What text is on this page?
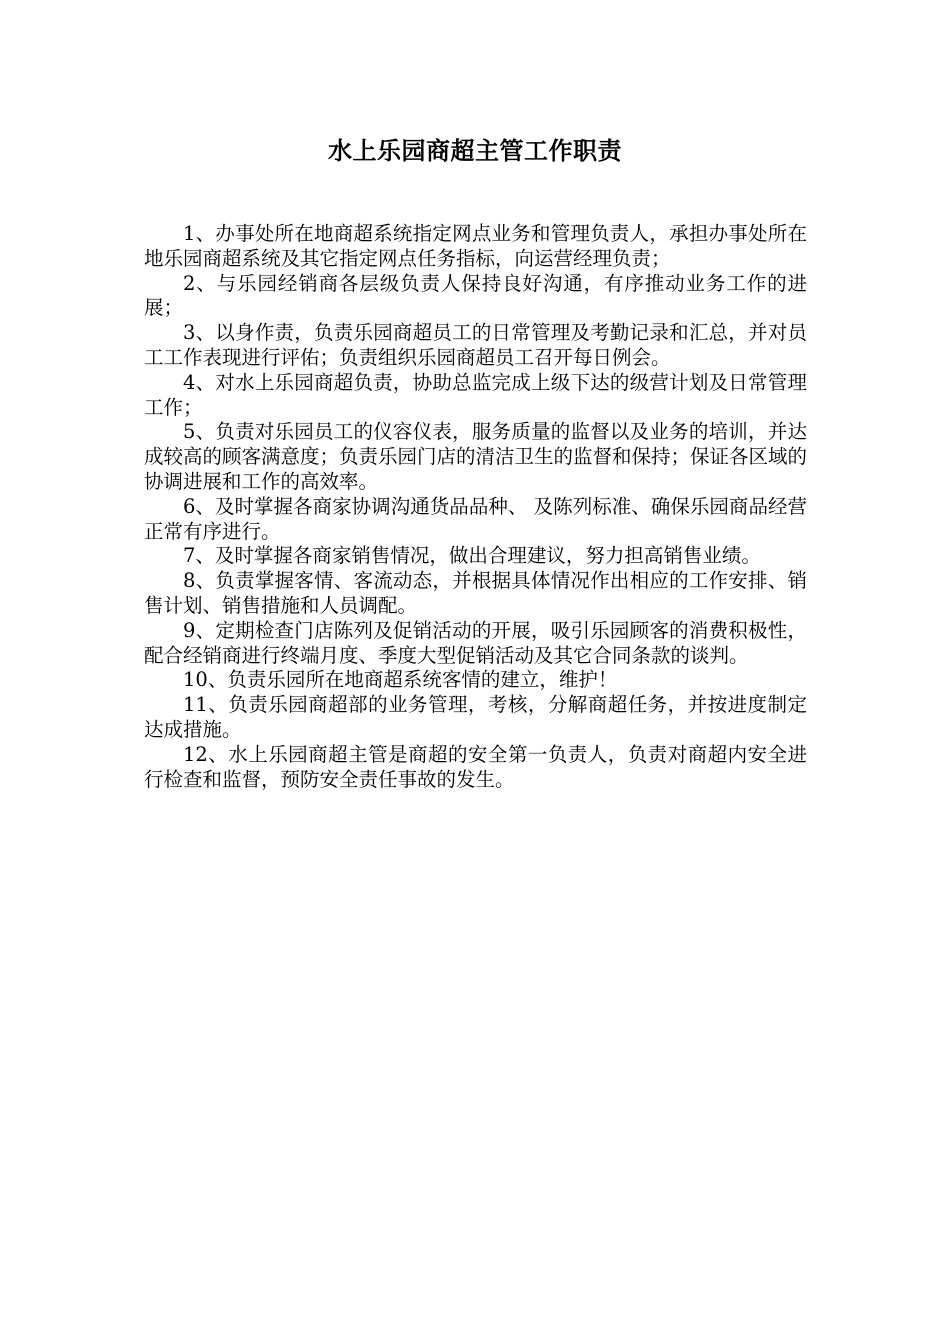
水上乐园商超主管工作职责

1、办事处所在地商超系统指定网点业务和管理负责人，承担办事处所在地乐园商超系统及其它指定网点任务指标，向运营经理负责；

2、与乐园经销商各层级负责人保持良好沟通，有序推动业务工作的进展；

3、以身作责，负责乐园商超员工的日常管理及考勤记录和汇总，并对员工工作表现进行评佑；负责组织乐园商超员工召开每日例会。

4、对水上乐园商超负责，协助总监完成上级下达的级营计划及日常管理工作；

5、负责对乐园员工的仪容仪表，服务质量的监督以及业务的培训，并达成较高的顾客满意度；负责乐园门店的清洁卫生的监督和保持；保证各区域的协调进展和工作的高效率。

6、及时掌握各商家协调沟通货品品种、 及陈列标准、确保乐园商品经营正常有序进行。

7、及时掌握各商家销售情况，做出合理建议，努力担高销售业绩。

8、负责掌握客情、客流动态，并根据具体情况作出相应的工作安排、销售计划、销售措施和人员调配。

9、定期检查门店陈列及促销活动的开展，吸引乐园顾客的消费积极性，配合经销商进行终端月度、季度大型促销活动及其它合同条款的谈判。

10、负责乐园所在地商超系统客情的建立，维护！

11、负责乐园商超部的业务管理，考核，分解商超任务，并按进度制定达成措施。

12、水上乐园商超主管是商超的安全第一负责人，负责对商超内安全进行检查和监督，预防安全责任事故的发生。
